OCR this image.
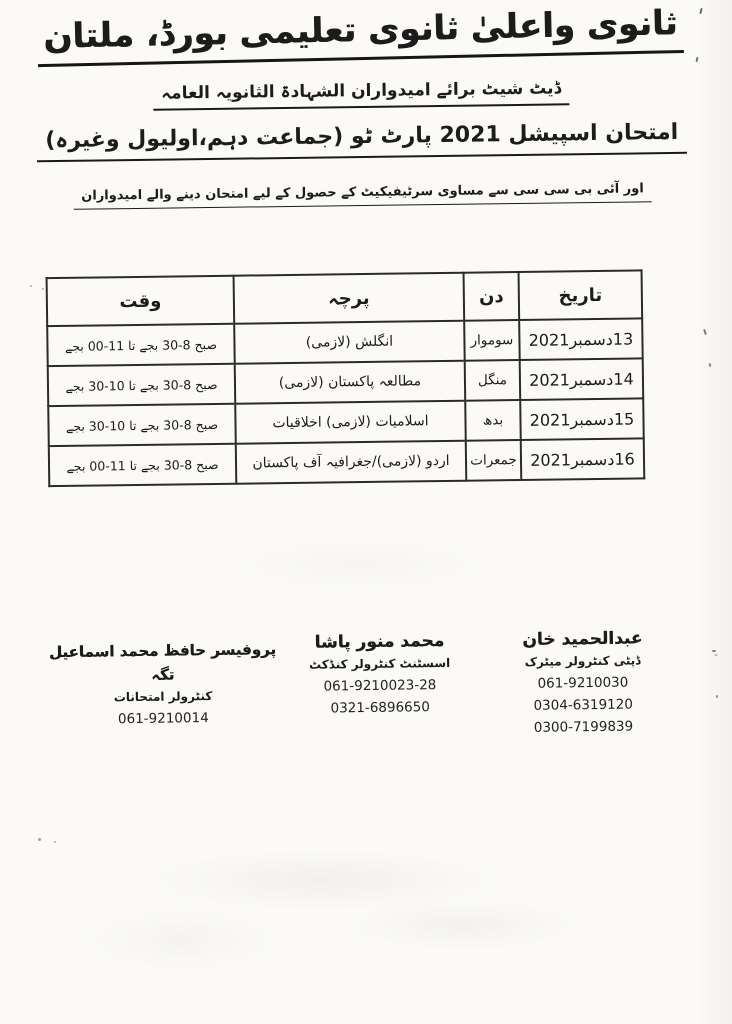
ثانوی واعلیٰ ثانوی تعلیمی بورڈ، ملتان
ڈیٹ شیٹ برائے امیدواران الشہادۃ الثانویہ العامہ
امتحان اسپیشل 2021 پارٹ ٹو (جماعت دہم،اولیول وغیرہ)
اور آئی بی سی سی سے مساوی سرٹیفیکیٹ کے حصول کے لیے امتحان دینے والے امیدواران
تاریخ	دن	پرچہ	وقت
13دسمبر2021	سوموار	انگلش (لازمی)	صبح 8-30 بجے تا 11-00 بجے
14دسمبر2021	منگل	مطالعہ پاکستان (لازمی)	صبح 8-30 بجے تا 10-30 بجے
15دسمبر2021	بدھ	اسلامیات (لازمی) اخلاقیات	صبح 8-30 بجے تا 10-30 بجے
16دسمبر2021	جمعرات	اردو (لازمی)/جغرافیہ آف پاکستان	صبح 8-30 بجے تا 11-00 بجے
عبدالحمید خان
ڈپٹی کنٹرولر میٹرک
061-9210030
0304-6319120
0300-7199839
محمد منور پاشا
اسسٹنٹ کنٹرولر کنڈکٹ
061-9210023-28
0321-6896650
پروفیسر حافظ محمد اسماعیل تگہ
کنٹرولر امتحانات
061-9210014
